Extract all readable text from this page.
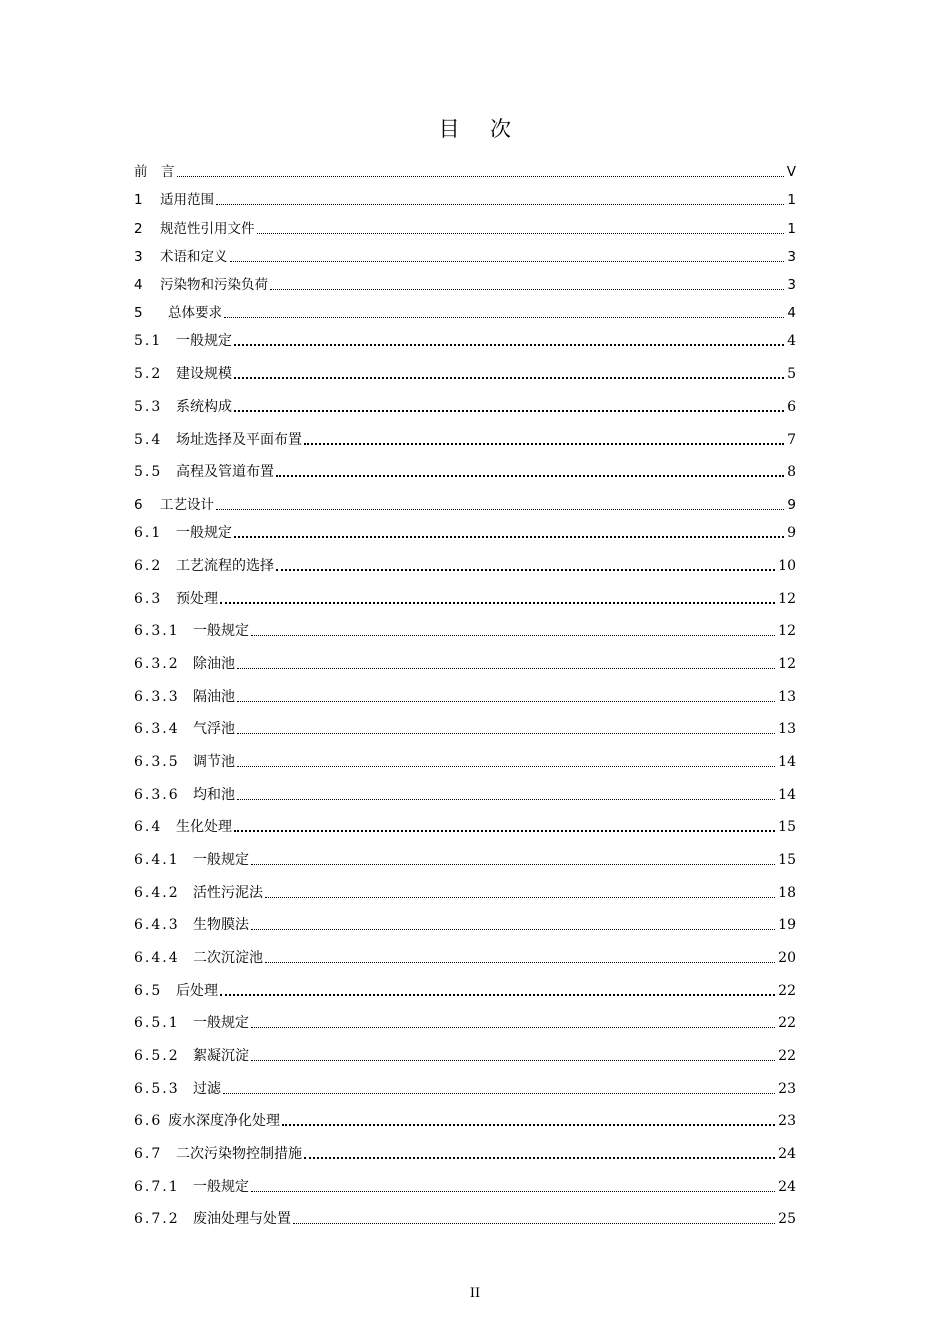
目 次
前	言	V
1	适用范围	1
2	规范性引用文件	1
3	术语和定义	3
4	污染物和污染负荷	3
5	总体要求	4
5.1 一般规定	4
5.2 建设规模	5
5.3 系统构成	6
5.4 场址选择及平面布置	7
5.5 高程及管道布置	8
6	工艺设计	9
6.1 一般规定	9
6.2 工艺流程的选择	10
6.3 预处理	12
6.3.1 一般规定	12
6.3.2 除油池	12
6.3.3 隔油池	13
6.3.4 气浮池	13
6.3.5 调节池	14
6.3.6 均和池	14
6.4 生化处理	15
6.4.1 一般规定	15
6.4.2 活性污泥法	18
6.4.3 生物膜法	19
6.4.4 二次沉淀池	20
6.5 后处理	22
6.5.1 一般规定	22
6.5.2 絮凝沉淀	22
6.5.3 过滤	23
6.6 废水深度净化处理	23
6.7 二次污染物控制措施	24
6.7.1 一般规定	24
6.7.2 废油处理与处置	25
II
